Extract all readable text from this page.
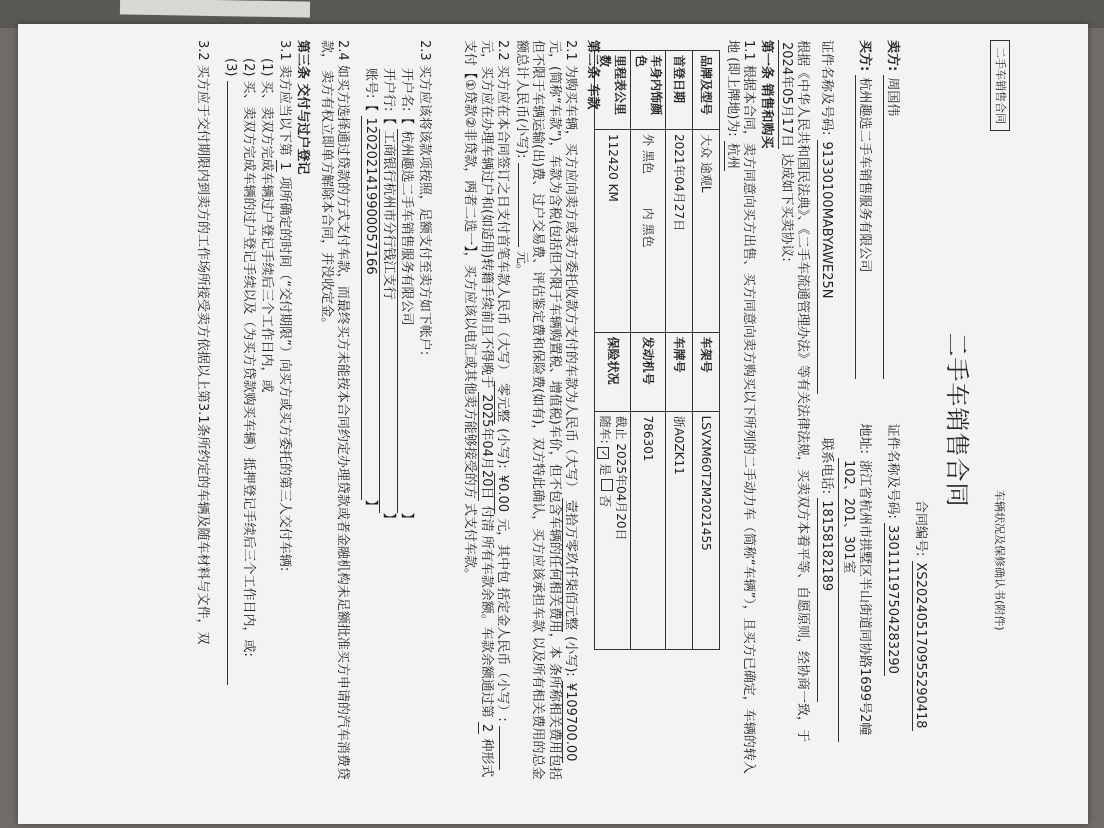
二手车销售合同
车辆状况及保修确认书(附件)
二手车销售合同
合同编号: XS202405170955290418
卖方: 周国伟 证件名称及号码: 330111197504283290
买方: 杭州趣选二手车销售服务有限公司 地址: 浙江省杭州市拱墅区半山街道同协路1699号2幢102、201、301室
证件名称及号码: 91330100MABYAWE25N 联系电话: 18158182189
根据《中华人民共和国民法典》、《二手车流通管理办法》等有关法律法规，买卖双方本着平等、自愿原则，经协商一致，于 2024年05月17日 达成如下买卖协议:
第一条 销售和购买
1.1 根据本合同，卖方同意向买方出售、买方同意向卖方购买以下所列的二手动力车（简称“车辆”），且买方已确定，车辆的转入地 (即上牌地)为: 杭州
品牌及型号	大众 途观L	车架号	LSVXM60T2M2021455
首登日期	2021年04月27日	车牌号	浙A0ZK11
车身内饰颜色	外 黑色 内 黑色	发动机号	786301
里程表公里数	112420 KM	保险状况	截止 2025年04月20日
随车: ✓ 是  否
第二条 车款
2.1 为购买车辆，买方应向卖方或卖方委托收款方支付的车款为人民币（大写） 壹拾万零玖仟柒佰元整 (小写): ¥109700.00 元，(简称“车款”)，车款为含税(包括但不限于车辆购置税、增值税)车价，但不包含车辆的任何相关费用，本 条所称相关费用包括但不限于车辆运输(出)费、过户交易费、评估鉴定费和保险费(如有)，双方特此确认，买方应该承担车款 以及所有相关费用的总金额总计人民币(小写):  元。
2.2 买方应在本合同签订之日支付首笔车款人民币（大写） 零元整 (小写): ¥0.00 元，其中包 括定金人民币（小写）:  元，买方应在办理车辆过户和(如适用)转籍手续前且不得晚于 2025年04月20日 付清 所有车款余额。车款余额通过第 2 种形式支付【①贷款②非贷款，两者二选一】，买方应该以电汇或其他卖方能够接受的方 式支付车款。
2.3 买方应该将该款项按照，足额支付至卖方如下帐户:
开户名:【 杭州趣选二手车销售服务有限公司】
开户行:【 工商银行杭州市分行钱江支行】
账号:【 1202021419900057166】
2.4 如买方选择通过贷款的方式支付车款，而最终买方未能按本合同约定办理贷款或者金融机构未足额批准买方申请的汽车消费贷款， 卖方有权立即单方解除本合同，并没收定金。
第三条 交付与过户登记
3.1 卖方应当以下第 1 项所确定的时间（“交付期限”）向买方或买方委托的第三人交付车辆:
(1) 买、卖双方完成车辆过户登记手续后三个工作日内，或
(2) 买、卖双方完成车辆的过户登记手续以及（为买方贷款购买车辆）抵押登记手续后三个工作日内，或:
(3)
3.2 买方应于交付期限内到卖方的工作场所接受卖方依据以上第3.1条所约定的车辆及随车材料与文件，双
